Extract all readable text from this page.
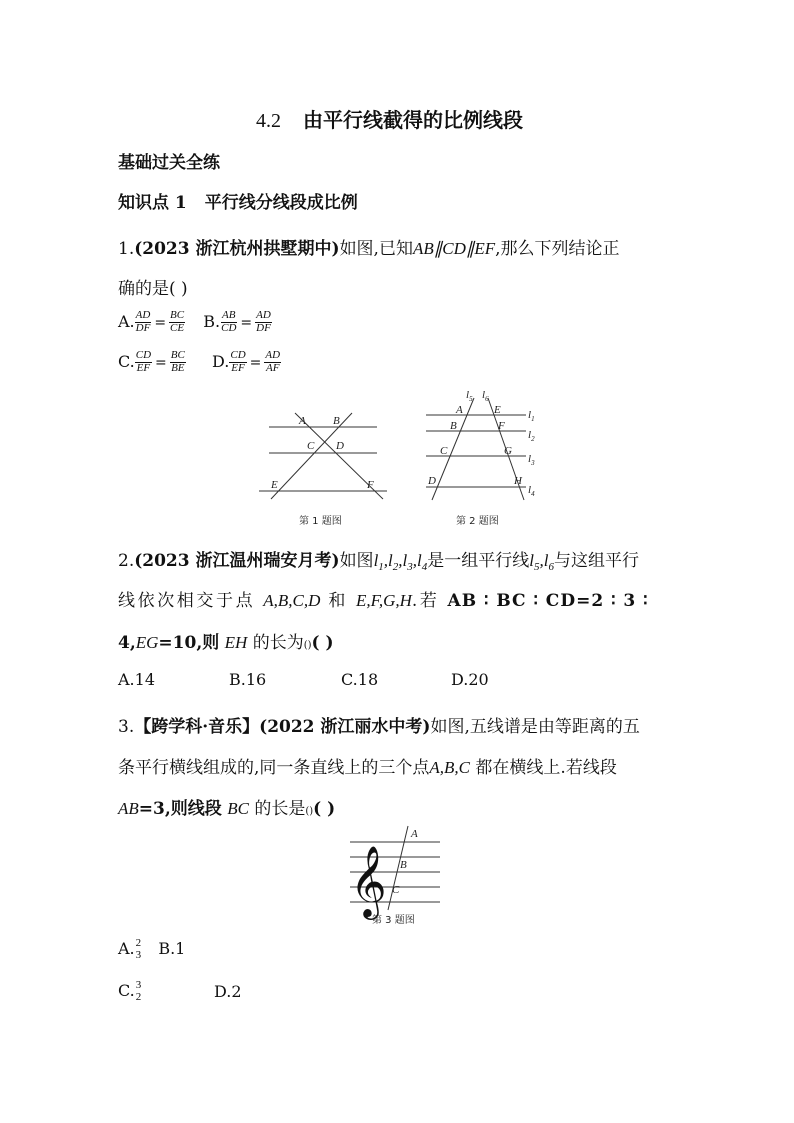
4.2 由平行线截得的比例线段
基础过关全练
知识点 1 平行线分线段成比例
1.(2023 浙江杭州拱墅期中)如图,已知AB∥CD∥EF,那么下列结论正
确的是( )
A. $\frac{AD}{DF} = \frac{BC}{CE} B$. $\frac{AB}{CD} = \frac{AD}{DF}$
C. $\frac{CD}{EF} = \frac{BC}{BE} D$. $\frac{CD}{EF} = \frac{AD}{AF}$
A B
C D
E	F
第 1 题图
$l_5$ $l_6$
$l_1$
$l_2$
$l_3$
$l_4$
A
B
C
D
E
F
G
H
第 2 题图
2.(2023 浙江温州瑞安月考)如图$l_1,l_2,l_3,l_4$是一组平行线$l_5,l_6$与这组平行
线依次相交于点 A,B,C,D 和 E,F,G,H.若 AB ∶ BC ∶ CD=2 ∶ 3 ∶
4,EG=10,则 EH 的长为()( )
A.14	B.16	C.18	D.20
3.【跨学科·音乐】(2022 浙江丽水中考)如图,五线谱是由等距离的五
条平行横线组成的,同一条直线上的三个点A,B,C 都在横线上.若线段
AB=3,则线段 BC 的长是()( )
𝄞
A
B
C
第 3 题图
A. 2
3 B.1
C. 3
2	D.2
